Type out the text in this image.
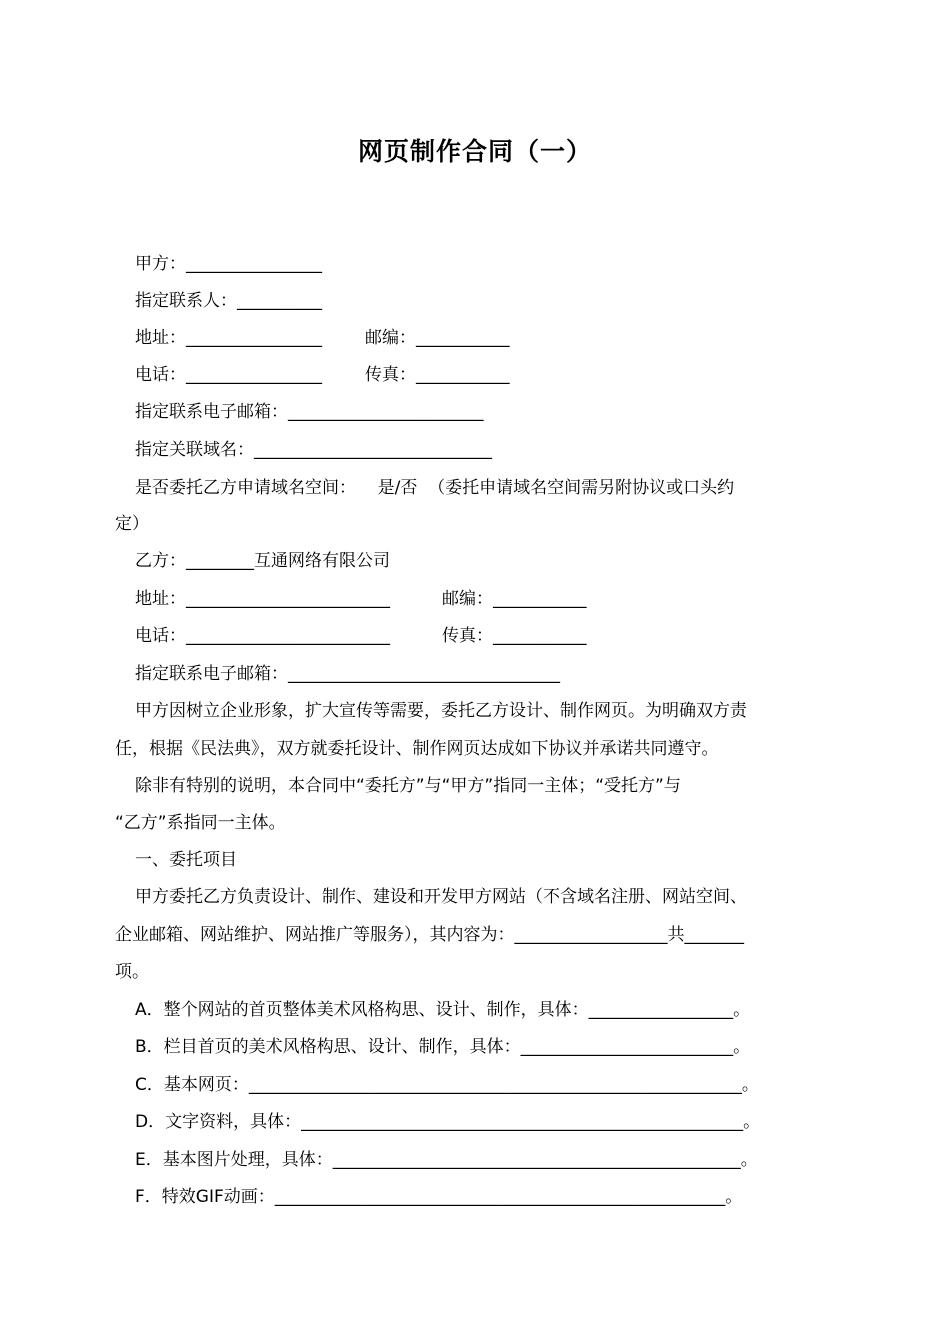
网页制作合同（一）
甲方：________________
指定联系人：__________
地址：________________	邮编：___________
电话：________________	传真：___________
指定联系电子邮箱：_______________________
指定关联域名：____________________________
是否委托乙方申请域名空间：    是/否  （委托申请域名空间需另附协议或口头约
定）
乙方：________互通网络有限公司
地址：________________________	邮编：___________
电话：________________________	传真：___________
指定联系电子邮箱：________________________________
甲方因树立企业形象，扩大宣传等需要，委托乙方设计、制作网页。为明确双方责
任，根据《民法典》，双方就委托设计、制作网页达成如下协议并承诺共同遵守。
除非有特别的说明，本合同中“委托方”与“甲方”指同一主体；“受托方”与
“乙方”系指同一主体。
一、委托项目
甲方委托乙方负责设计、制作、建设和开发甲方网站（不含域名注册、网站空间、
企业邮箱、网站维护、网站推广等服务），其内容为：__________________共_______
项。
A．整个网站的首页整体美术风格构思、设计、制作，具体：_________________。
B．栏目首页的美术风格构思、设计、制作，具体：_________________________。
C．基本网页：__________________________________________________________。
D．文字资料，具体：____________________________________________________。
E．基本图片处理，具体：________________________________________________。
F．特效GIF动画：_____________________________________________________。
